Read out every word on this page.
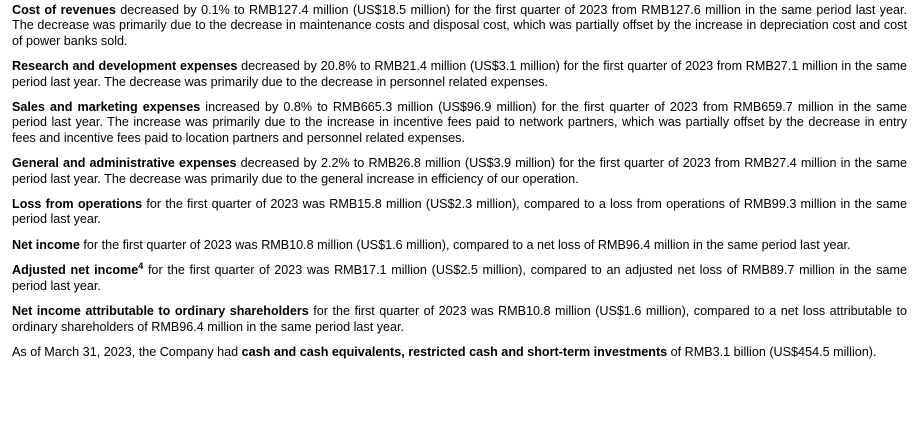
Cost of revenues decreased by 0.1% to RMB127.4 million (US$18.5 million) for the first quarter of 2023 from RMB127.6 million in the same period last year. The decrease was primarily due to the decrease in maintenance costs and disposal cost, which was partially offset by the increase in depreciation cost and cost of power banks sold.

Research and development expenses decreased by 20.8% to RMB21.4 million (US$3.1 million) for the first quarter of 2023 from RMB27.1 million in the same period last year. The decrease was primarily due to the decrease in personnel related expenses.

Sales and marketing expenses increased by 0.8% to RMB665.3 million (US$96.9 million) for the first quarter of 2023 from RMB659.7 million in the same period last year. The increase was primarily due to the increase in incentive fees paid to network partners, which was partially offset by the decrease in entry fees and incentive fees paid to location partners and personnel related expenses.

General and administrative expenses decreased by 2.2% to RMB26.8 million (US$3.9 million) for the first quarter of 2023 from RMB27.4 million in the same period last year. The decrease was primarily due to the general increase in efficiency of our operation.

Loss from operations for the first quarter of 2023 was RMB15.8 million (US$2.3 million), compared to a loss from operations of RMB99.3 million in the same period last year.

Net income for the first quarter of 2023 was RMB10.8 million (US$1.6 million), compared to a net loss of RMB96.4 million in the same period last year.

Adjusted net income$^4$ for the first quarter of 2023 was RMB17.1 million (US$2.5 million), compared to an adjusted net loss of RMB89.7 million in the same period last year.

Net income attributable to ordinary shareholders for the first quarter of 2023 was RMB10.8 million (US$1.6 million), compared to a net loss attributable to ordinary shareholders of RMB96.4 million in the same period last year.

As of March 31, 2023, the Company had cash and cash equivalents, restricted cash and short-term investments of RMB3.1 billion (US$454.5 million).
